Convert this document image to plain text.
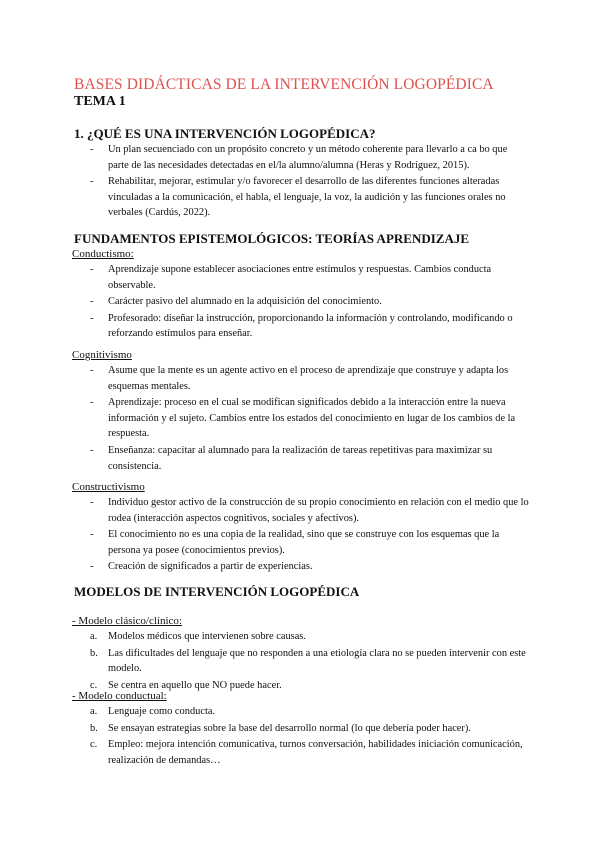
BASES DIDÁCTICAS DE LA INTERVENCIÓN LOGOPÉDICA
TEMA 1
1. ¿QUÉ ES UNA INTERVENCIÓN LOGOPÉDICA?
-	Un plan secuenciado con un propósito concreto y un método coherente para llevarlo a ca bo que parte de las necesidades detectadas en el/la alumno/alumna (Heras y Rodríguez, 2015).
-	Rehabilitar, mejorar, estimular y/o favorecer el desarrollo de las diferentes funciones alteradas vinculadas a la comunicación, el habla, el lenguaje, la voz, la audición y las funciones orales no verbales (Cardús, 2022).
FUNDAMENTOS EPISTEMOLÓGICOS: TEORÍAS APRENDIZAJE
Conductismo:
-	Aprendizaje supone establecer asociaciones entre estímulos y respuestas. Cambios conducta observable.
-	Carácter pasivo del alumnado en la adquisición del conocimiento.
-	Profesorado: diseñar la instrucción, proporcionando la información y controlando, modificando o reforzando estímulos para enseñar.
Cognitivismo
-	Asume que la mente es un agente activo en el proceso de aprendizaje que construye y adapta los esquemas mentales.
-	Aprendizaje: proceso en el cual se modifican significados debido a la interacción entre la nueva información y el sujeto. Cambios entre los estados del conocimiento en lugar de los cambios de la respuesta.
-	Enseñanza: capacitar al alumnado para la realización de tareas repetitivas para maximizar su consistencia.
Constructivismo
-	Individuo gestor activo de la construcción de su propio conocimiento en relación con el medio que lo rodea (interacción aspectos cognitivos, sociales y afectivos).
-	El conocimiento no es una copia de la realidad, sino que se construye con los esquemas que la persona ya posee (conocimientos previos).
-	Creación de significados a partir de experiencias.
MODELOS DE INTERVENCIÓN LOGOPÉDICA
- Modelo clásico/clínico:
a.	Modelos médicos que intervienen sobre causas.
b. Las dificultades del lenguaje que no responden a una etiología clara no se pueden intervenir con este modelo.
c.	Se centra en aquello que NO puede hacer.
- Modelo conductual:
a.	Lenguaje como conducta.
b. Se ensayan estrategias sobre la base del desarrollo normal (lo que debería poder hacer).
c.	Empleo: mejora intención comunicativa, turnos conversación, habilidades iniciación comunicación, realización de demandas…
